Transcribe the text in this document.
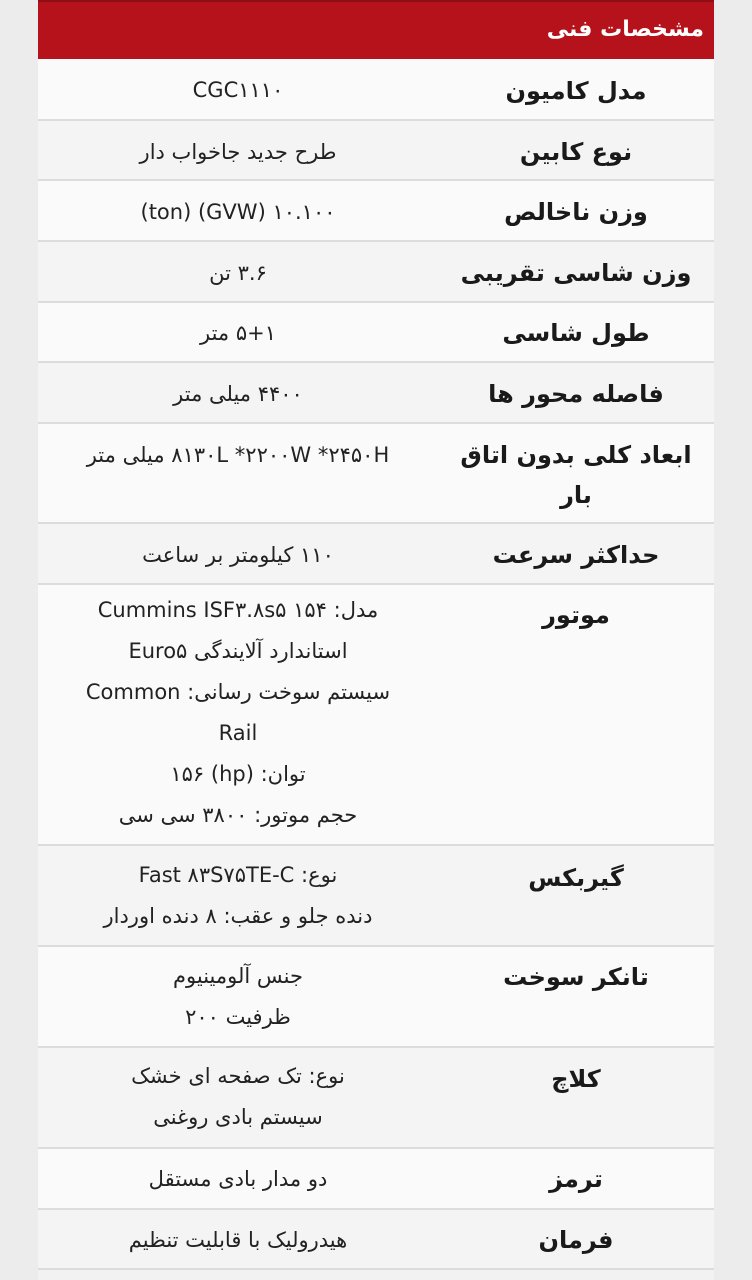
مشخصات فنی
مدل کامیون
CGC۱۱۱۰
نوع کابین
طرح جدید جاخواب دار
وزن ناخالص
۱۰.۱۰۰ (GVW) (ton)
وزن شاسی تقریبی
۳.۶ تن
طول شاسی
۵+۱ متر
فاصله محور ها
۴۴۰۰ میلی متر
ابعاد کلی بدون اتاق بار
۸۱۳۰L *۲۲۰۰W *۲۴۵۰H میلی متر
حداکثر سرعت
۱۱۰ کیلومتر بر ساعت
موتور
مدل: Cummins ISF۳.۸s۵ ۱۵۴
استاندارد آلایندگی Euro۵
سیستم سوخت رسانی: Common
Rail
توان: (hp) ۱۵۶
حجم موتور: ۳۸۰۰ سی سی
گیربکس
نوع: Fast ۸۳S۷۵TE-C
دنده جلو و عقب: ۸ دنده اوردار
تانکر سوخت
جنس آلومینیوم
ظرفیت ۲۰۰
کلاچ
نوع: تک صفحه ای خشک
سیستم بادی روغنی
ترمز
دو مدار بادی مستقل
فرمان
هیدرولیک با قابلیت تنظیم
